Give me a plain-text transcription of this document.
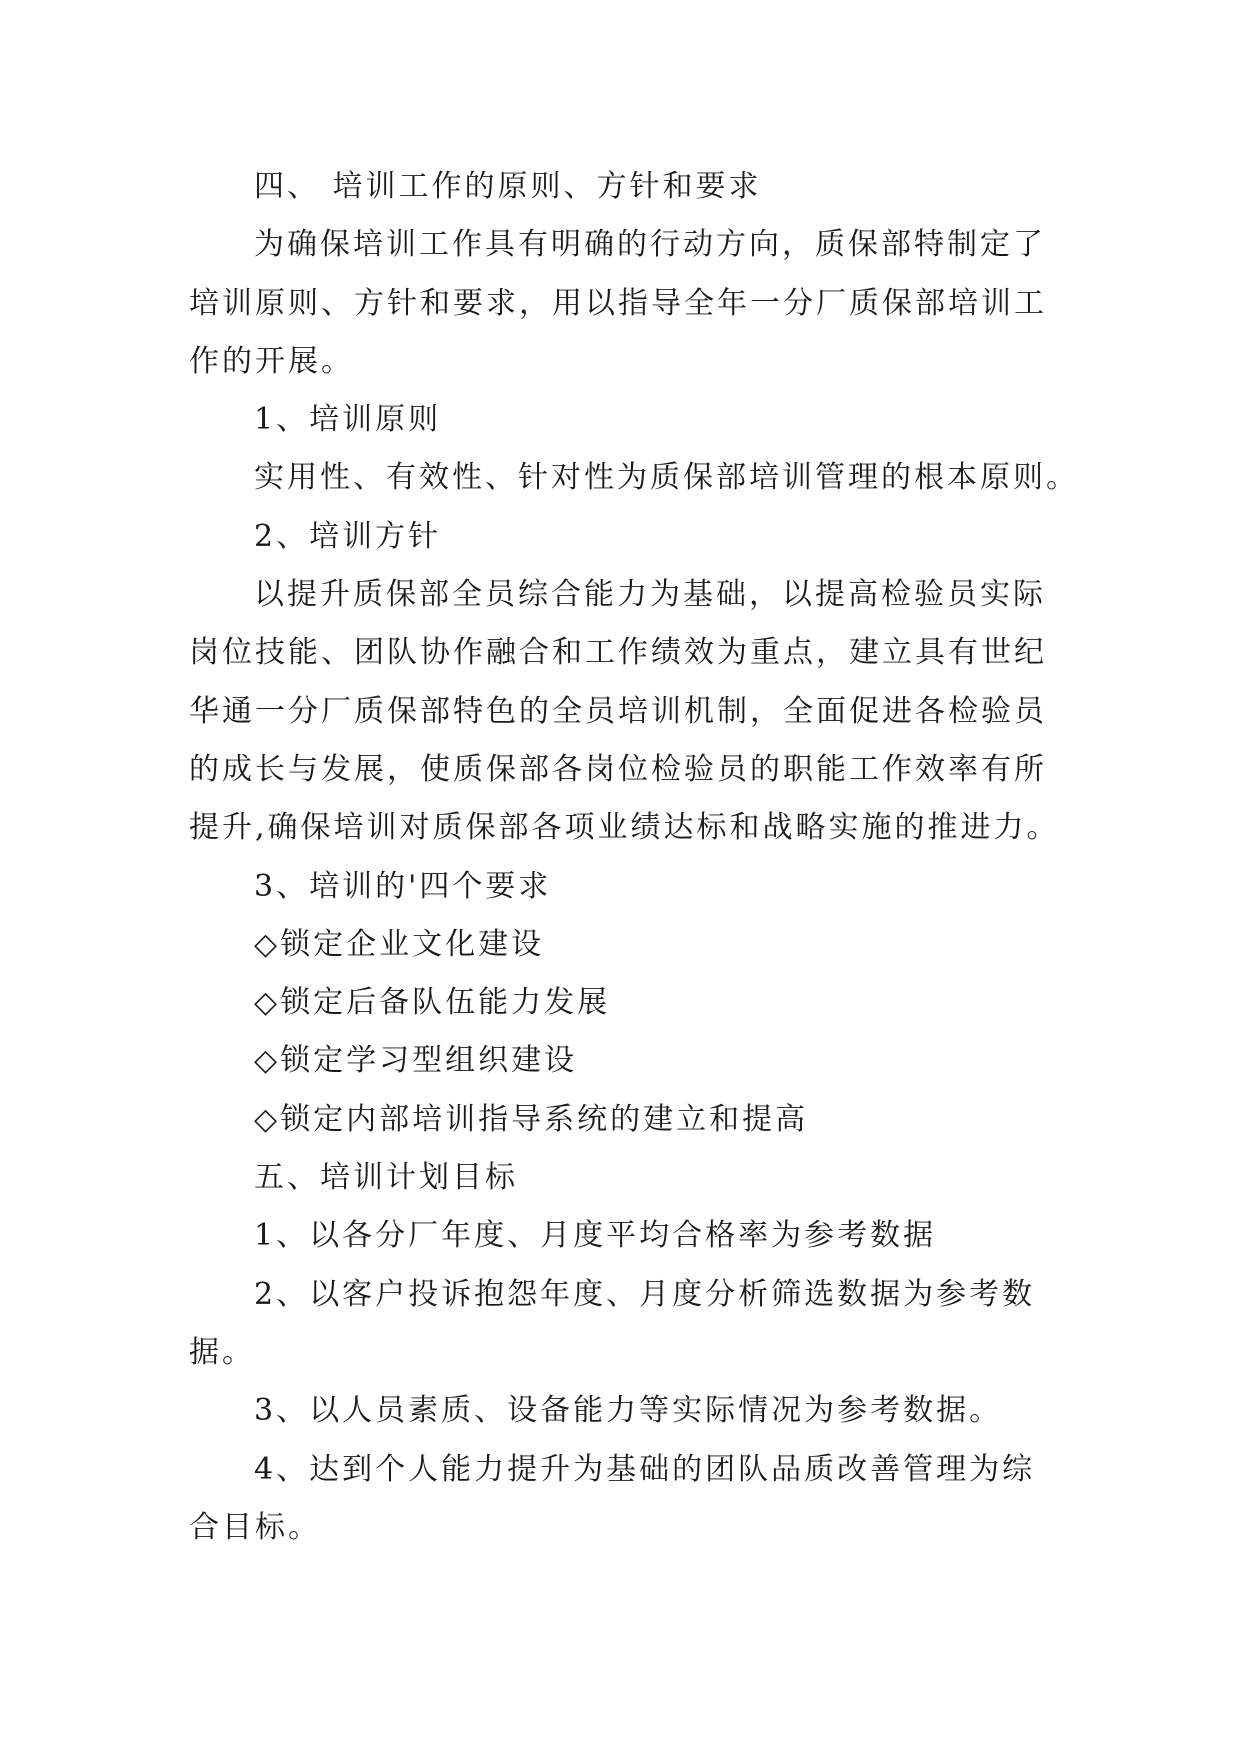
四、 培训工作的原则、方针和要求
为确保培训工作具有明确的行动方向，质保部特制定了
培训原则、方针和要求，用以指导全年一分厂质保部培训工
作的开展。
1、培训原则
实用性、有效性、针对性为质保部培训管理的根本原则。
2、培训方针
以提升质保部全员综合能力为基础，以提高检验员实际
岗位技能、团队协作融合和工作绩效为重点，建立具有世纪
华通一分厂质保部特色的全员培训机制，全面促进各检验员
的成长与发展，使质保部各岗位检验员的职能工作效率有所
提升,确保培训对质保部各项业绩达标和战略实施的推进力。
3、培训的'四个要求
◇锁定企业文化建设
◇锁定后备队伍能力发展
◇锁定学习型组织建设
◇锁定内部培训指导系统的建立和提高
五、培训计划目标
1、以各分厂年度、月度平均合格率为参考数据
2、以客户投诉抱怨年度、月度分析筛选数据为参考数
据。
3、以人员素质、设备能力等实际情况为参考数据。
4、达到个人能力提升为基础的团队品质改善管理为综
合目标。
